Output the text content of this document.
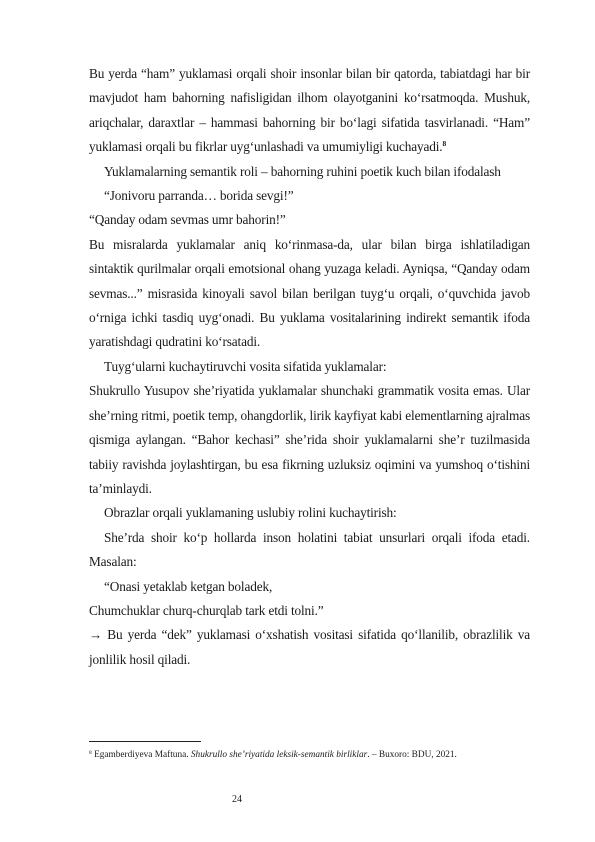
Bu yerda “ham” yuklamasi orqali shoir insonlar bilan bir qatorda, tabiatdagi har bir mavjudot ham bahorning nafisligidan ilhom olayotganini ko‘rsatmoqda. Mushuk, ariqchalar, daraxtlar – hammasi bahorning bir bo‘lagi sifatida tasvirlanadi. “Ham” yuklamasi orqali bu fikrlar uyg‘unlashadi va umumiyligi kuchayadi.$^8$

Yuklamalarning semantik roli – bahorning ruhini poetik kuch bilan ifodalash

“Jonivoru parranda… borida sevgi!”

“Qanday odam sevmas umr bahorin!”

Bu misralarda yuklamalar aniq ko‘rinmasa-da, ular bilan birga ishlatiladigan sintaktik qurilmalar orqali emotsional ohang yuzaga keladi. Ayniqsa, “Qanday odam sevmas...” misrasida kinoyali savol bilan berilgan tuyg‘u orqali, o‘quvchida javob o‘rniga ichki tasdiq uyg‘onadi. Bu yuklama vositalarining indirekt semantik ifoda yaratishdagi qudratini ko‘rsatadi.

Tuyg‘ularni kuchaytiruvchi vosita sifatida yuklamalar:

Shukrullo Yusupov she’riyatida yuklamalar shunchaki grammatik vosita emas. Ular she’rning ritmi, poetik temp, ohangdorlik, lirik kayfiyat kabi elementlarning ajralmas qismiga aylangan. “Bahor kechasi” she’rida shoir yuklamalarni she’r tuzilmasida tabiiy ravishda joylashtirgan, bu esa fikrning uzluksiz oqimini va yumshoq o‘tishini ta’minlaydi.

Obrazlar orqali yuklamaning uslubiy rolini kuchaytirish:

She’rda shoir ko‘p hollarda inson holatini tabiat unsurlari orqali ifoda etadi. Masalan:

“Onasi yetaklab ketgan boladek,

Chumchuklar churq-churqlab tark etdi tolni.”

→ Bu yerda “dek” yuklamasi o‘xshatish vositasi sifatida qo‘llanilib, obrazlilik va jonlilik hosil qiladi.

$^8$ Egamberdiyeva Maftuna. Shukrullo she’riyatida leksik-semantik birliklar. – Buxoro: BDU, 2021.
24
